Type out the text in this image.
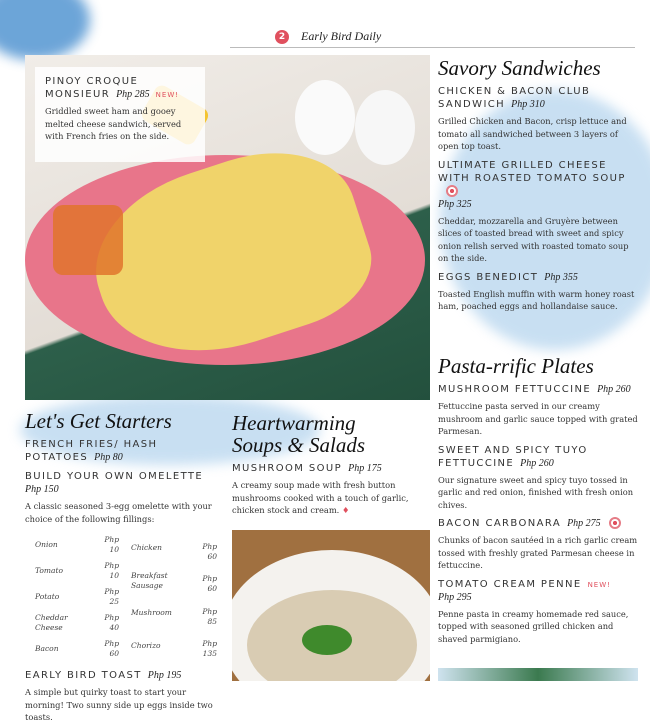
2	Early Bird Daily
PINOY CROQUE MONSIEUR Php 285 NEW!
Griddled sweet ham and gooey melted cheese sandwich, served with French fries on the side.
Savory Sandwiches
CHICKEN & BACON CLUB SANDWICH Php 310
Grilled Chicken and Bacon, crisp lettuce and tomato all sandwiched between 3 layers of open top toast.
ULTIMATE GRILLED CHEESE WITH ROASTED TOMATO SOUP
Php 325
Cheddar, mozzarella and Gruyère between slices of toasted bread with sweet and spicy onion relish served with roasted tomato soup on the side.
EGGS BENEDICT Php 355
Toasted English muffin with warm honey roast ham, poached eggs and hollandaise sauce.
Pasta-rrific Plates
MUSHROOM FETTUCCINE Php 260
Fettuccine pasta served in our creamy mushroom and garlic sauce topped with grated Parmesan.
SWEET AND SPICY TUYO FETTUCCINE Php 260
Our signature sweet and spicy tuyo tossed in garlic and red onion, finished with fresh onion chives.
BACON CARBONARA Php 275
Chunks of bacon sautéed in a rich garlic cream tossed with freshly grated Parmesan cheese in fettuccine.
TOMATO CREAM PENNE NEW!
Php 295
Penne pasta in creamy homemade red sauce, topped with seasoned grilled chicken and shaved parmigiano.
Let's Get Starters
FRENCH FRIES/ HASH POTATOES Php 80
BUILD YOUR OWN OMELETTE
Php 150
A classic seasoned 3-egg omelette with your choice of the following fillings:
Onion	Php 10
Tomato	Php 10
Potato	Php 25
Cheddar Cheese	Php 40
Bacon	Php 60
Chicken	Php 60
Breakfast Sausage	Php 60
Mushroom	Php 85
Chorizo	Php 135
EARLY BIRD TOAST Php 195
A simple but quirky toast to start your morning! Two sunny side up eggs inside two toasts.
Heartwarming
Soups & Salads
MUSHROOM SOUP Php 175
A creamy soup made with fresh button mushrooms cooked with a touch of garlic, chicken stock and cream. ♦
